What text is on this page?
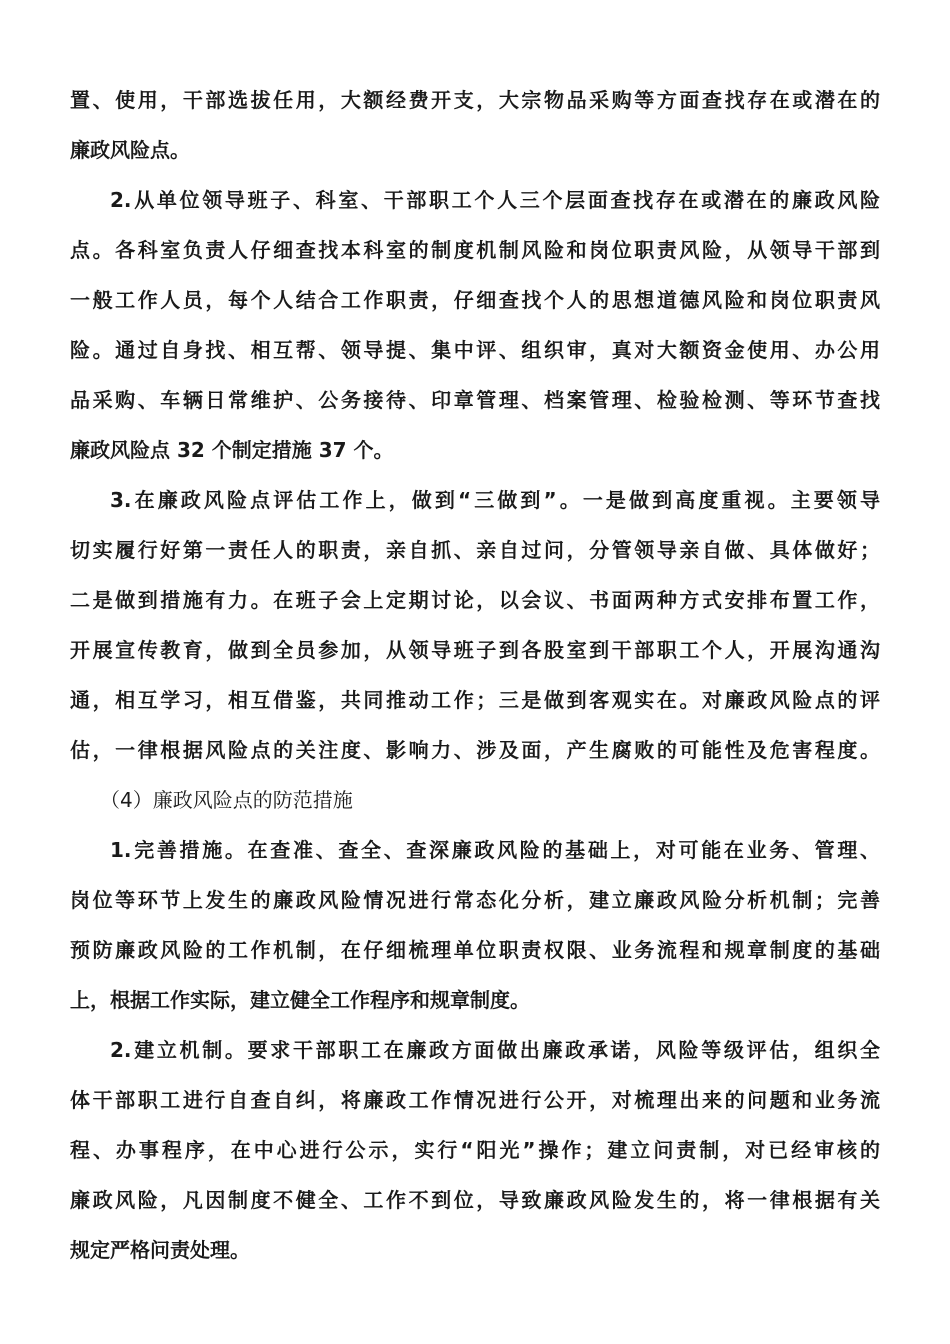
置、使用，干部选拔任用，大额经费开支，大宗物品采购等方面查找存在或潜在的
廉政风险点。
2.从单位领导班子、科室、干部职工个人三个层面查找存在或潜在的廉政风险
点。各科室负责人仔细查找本科室的制度机制风险和岗位职责风险，从领导干部到
一般工作人员，每个人结合工作职责，仔细查找个人的思想道德风险和岗位职责风
险。通过自身找、相互帮、领导提、集中评、组织审，真对大额资金使用、办公用
品采购、车辆日常维护、公务接待、印章管理、档案管理、检验检测、等环节查找
廉政风险点 32 个制定措施 37 个。
3.在廉政风险点评估工作上，做到“三做到”。一是做到高度重视。主要领导
切实履行好第一责任人的职责，亲自抓、亲自过问，分管领导亲自做、具体做好；
二是做到措施有力。在班子会上定期讨论，以会议、书面两种方式安排布置工作，
开展宣传教育，做到全员参加，从领导班子到各股室到干部职工个人，开展沟通沟
通，相互学习，相互借鉴，共同推动工作；三是做到客观实在。对廉政风险点的评
估，一律根据风险点的关注度、影响力、涉及面，产生腐败的可能性及危害程度。
（4）廉政风险点的防范措施
1.完善措施。在查准、查全、查深廉政风险的基础上，对可能在业务、管理、
岗位等环节上发生的廉政风险情况进行常态化分析，建立廉政风险分析机制；完善
预防廉政风险的工作机制，在仔细梳理单位职责权限、业务流程和规章制度的基础
上，根据工作实际，建立健全工作程序和规章制度。
2.建立机制。要求干部职工在廉政方面做出廉政承诺，风险等级评估，组织全
体干部职工进行自查自纠，将廉政工作情况进行公开，对梳理出来的问题和业务流
程、办事程序，在中心进行公示，实行“阳光”操作；建立问责制，对已经审核的
廉政风险，凡因制度不健全、工作不到位，导致廉政风险发生的，将一律根据有关
规定严格问责处理。
